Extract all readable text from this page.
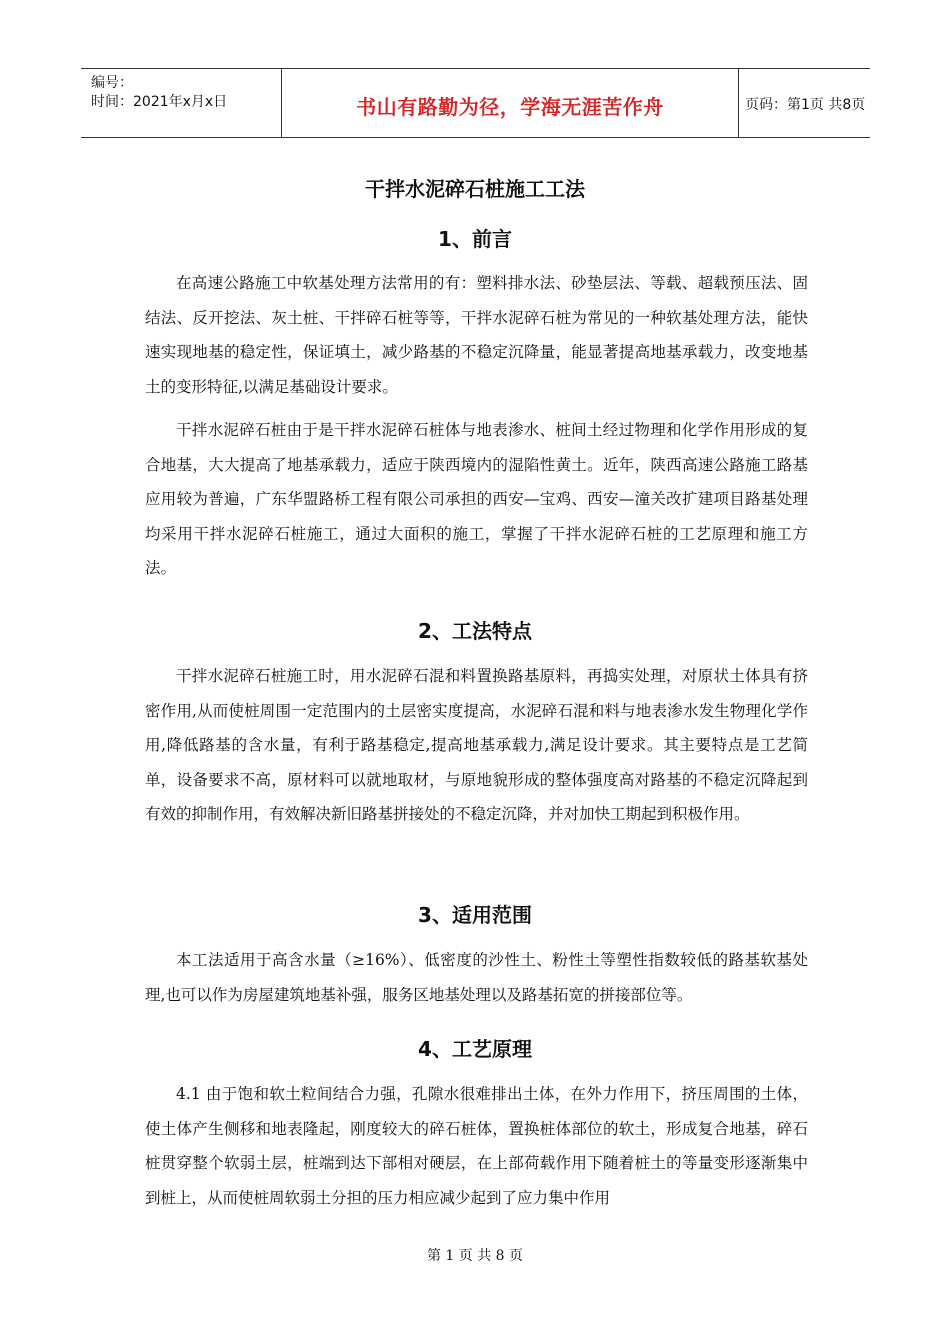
编号：
时间：2021年x月x日	书山有路勤为径，学海无涯苦作舟	页码：第1页 共8页
干拌水泥碎石桩施工工法
1、前言

在高速公路施工中软基处理方法常用的有：塑料排水法、砂垫层法、等载、超载预压法、固结法、反开挖法、灰土桩、干拌碎石桩等等，干拌水泥碎石桩为常见的一种软基处理方法，能快速实现地基的稳定性，保证填土，减少路基的不稳定沉降量，能显著提高地基承载力，改变地基土的变形特征,以满足基础设计要求。

干拌水泥碎石桩由于是干拌水泥碎石桩体与地表渗水、桩间土经过物理和化学作用形成的复合地基，大大提高了地基承载力，适应于陕西境内的湿陷性黄土。近年，陕西高速公路施工路基应用较为普遍，广东华盟路桥工程有限公司承担的西安—宝鸡、西安—潼关改扩建项目路基处理均采用干拌水泥碎石桩施工，通过大面积的施工，掌握了干拌水泥碎石桩的工艺原理和施工方法。

2、工法特点

干拌水泥碎石桩施工时，用水泥碎石混和料置换路基原料，再捣实处理，对原状土体具有挤密作用,从而使桩周围一定范围内的土层密实度提高，水泥碎石混和料与地表渗水发生物理化学作用,降低路基的含水量，有利于路基稳定,提高地基承载力,满足设计要求。其主要特点是工艺简单，设备要求不高，原材料可以就地取材，与原地貌形成的整体强度高对路基的不稳定沉降起到有效的抑制作用，有效解决新旧路基拼接处的不稳定沉降，并对加快工期起到积极作用。

3、适用范围

本工法适用于高含水量（≥16%）、低密度的沙性土、粉性土等塑性指数较低的路基软基处理,也可以作为房屋建筑地基补强，服务区地基处理以及路基拓宽的拼接部位等。

4、工艺原理

4.1 由于饱和软土粒间结合力强，孔隙水很难排出土体，在外力作用下，挤压周围的土体，使土体产生侧移和地表隆起，刚度较大的碎石桩体，置换桩体部位的软土，形成复合地基，碎石桩贯穿整个软弱土层，桩端到达下部相对硬层，在上部荷载作用下随着桩土的等量变形逐渐集中到桩上，从而使桩周软弱土分担的压力相应减少起到了应力集中作用

第 1 页 共 8 页
